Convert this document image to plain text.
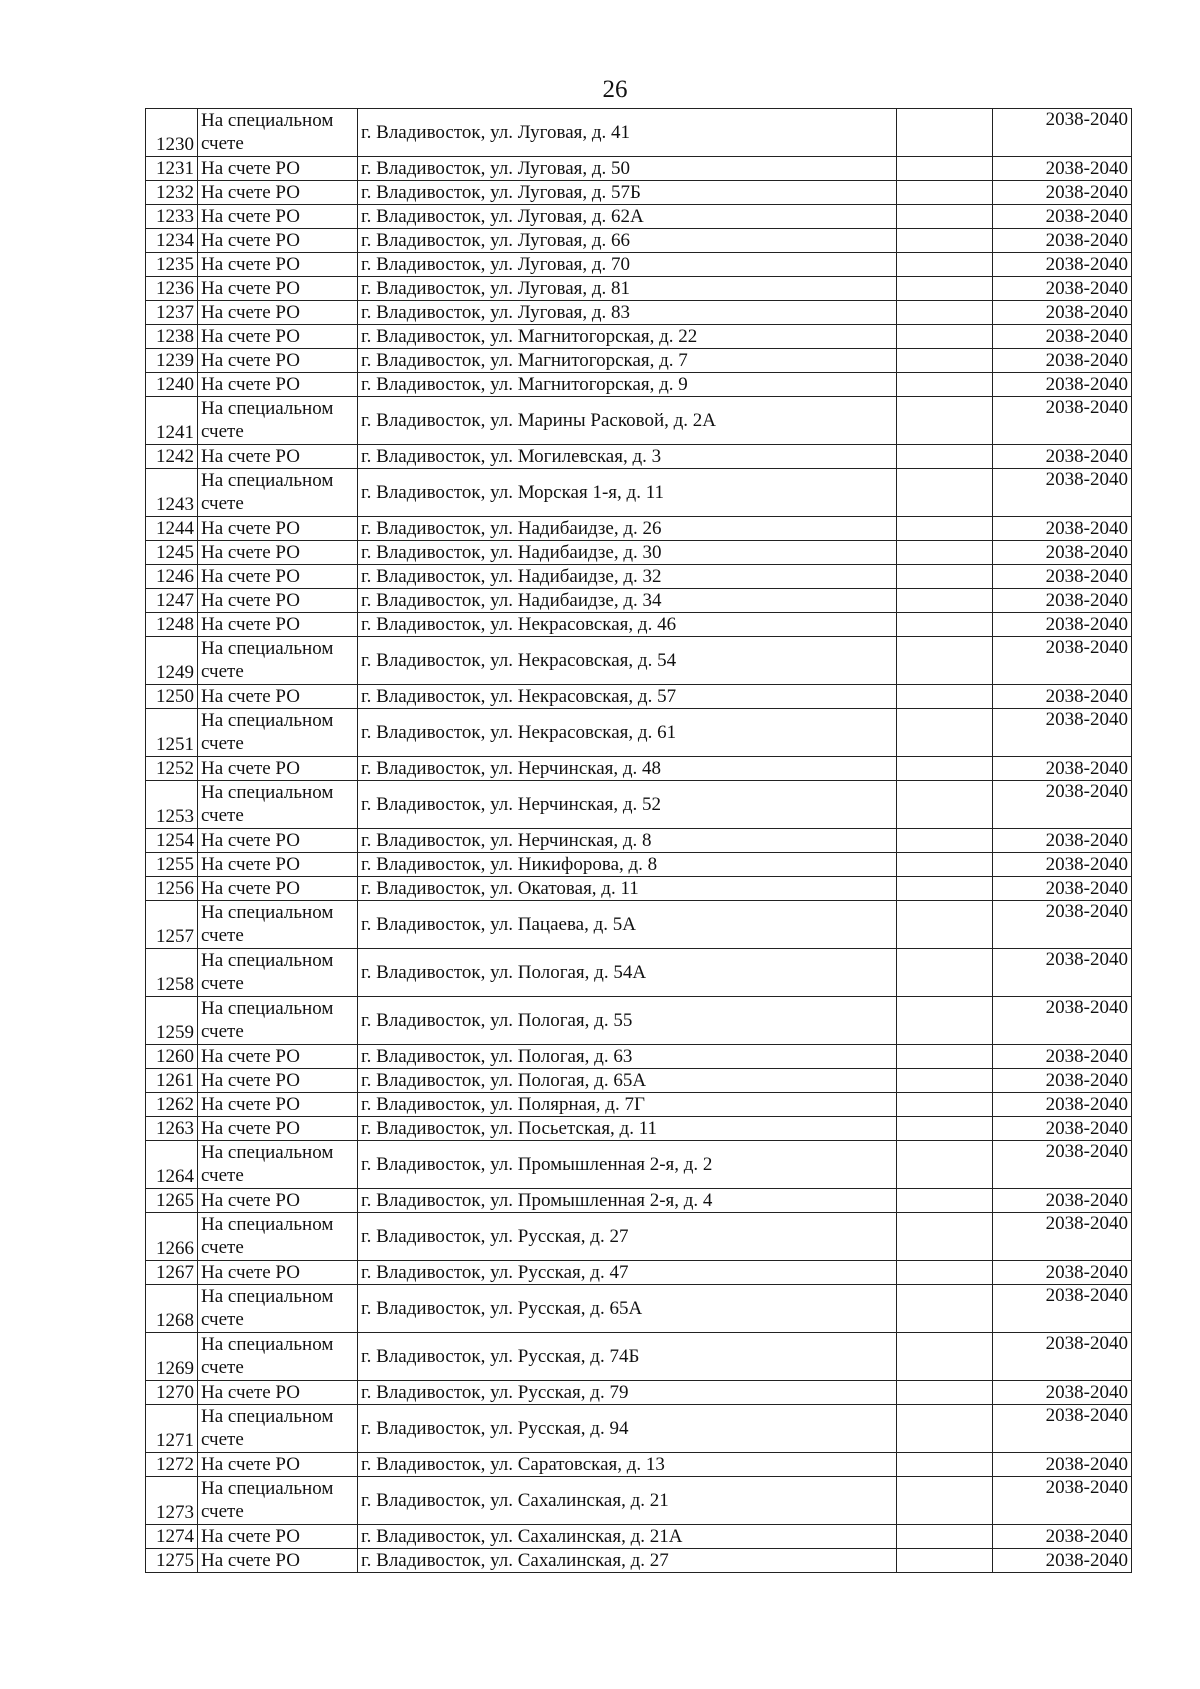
26
1230	На специальном счете	г. Владивосток, ул. Луговая, д. 41		2038-2040
1231	На счете РО	г. Владивосток, ул. Луговая, д. 50		2038-2040
1232	На счете РО	г. Владивосток, ул. Луговая, д. 57Б		2038-2040
1233	На счете РО	г. Владивосток, ул. Луговая, д. 62А		2038-2040
1234	На счете РО	г. Владивосток, ул. Луговая, д. 66		2038-2040
1235	На счете РО	г. Владивосток, ул. Луговая, д. 70		2038-2040
1236	На счете РО	г. Владивосток, ул. Луговая, д. 81		2038-2040
1237	На счете РО	г. Владивосток, ул. Луговая, д. 83		2038-2040
1238	На счете РО	г. Владивосток, ул. Магнитогорская, д. 22		2038-2040
1239	На счете РО	г. Владивосток, ул. Магнитогорская, д. 7		2038-2040
1240	На счете РО	г. Владивосток, ул. Магнитогорская, д. 9		2038-2040
1241	На специальном счете	г. Владивосток, ул. Марины Расковой, д. 2А		2038-2040
1242	На счете РО	г. Владивосток, ул. Могилевская, д. 3		2038-2040
1243	На специальном счете	г. Владивосток, ул. Морская 1-я, д. 11		2038-2040
1244	На счете РО	г. Владивосток, ул. Надибаидзе, д. 26		2038-2040
1245	На счете РО	г. Владивосток, ул. Надибаидзе, д. 30		2038-2040
1246	На счете РО	г. Владивосток, ул. Надибаидзе, д. 32		2038-2040
1247	На счете РО	г. Владивосток, ул. Надибаидзе, д. 34		2038-2040
1248	На счете РО	г. Владивосток, ул. Некрасовская, д. 46		2038-2040
1249	На специальном счете	г. Владивосток, ул. Некрасовская, д. 54		2038-2040
1250	На счете РО	г. Владивосток, ул. Некрасовская, д. 57		2038-2040
1251	На специальном счете	г. Владивосток, ул. Некрасовская, д. 61		2038-2040
1252	На счете РО	г. Владивосток, ул. Нерчинская, д. 48		2038-2040
1253	На специальном счете	г. Владивосток, ул. Нерчинская, д. 52		2038-2040
1254	На счете РО	г. Владивосток, ул. Нерчинская, д. 8		2038-2040
1255	На счете РО	г. Владивосток, ул. Никифорова, д. 8		2038-2040
1256	На счете РО	г. Владивосток, ул. Окатовая, д. 11		2038-2040
1257	На специальном счете	г. Владивосток, ул. Пацаева, д. 5А		2038-2040
1258	На специальном счете	г. Владивосток, ул. Пологая, д. 54А		2038-2040
1259	На специальном счете	г. Владивосток, ул. Пологая, д. 55		2038-2040
1260	На счете РО	г. Владивосток, ул. Пологая, д. 63		2038-2040
1261	На счете РО	г. Владивосток, ул. Пологая, д. 65А		2038-2040
1262	На счете РО	г. Владивосток, ул. Полярная, д. 7Г		2038-2040
1263	На счете РО	г. Владивосток, ул. Посьетская, д. 11		2038-2040
1264	На специальном счете	г. Владивосток, ул. Промышленная 2-я, д. 2		2038-2040
1265	На счете РО	г. Владивосток, ул. Промышленная 2-я, д. 4		2038-2040
1266	На специальном счете	г. Владивосток, ул. Русская, д. 27		2038-2040
1267	На счете РО	г. Владивосток, ул. Русская, д. 47		2038-2040
1268	На специальном счете	г. Владивосток, ул. Русская, д. 65А		2038-2040
1269	На специальном счете	г. Владивосток, ул. Русская, д. 74Б		2038-2040
1270	На счете РО	г. Владивосток, ул. Русская, д. 79		2038-2040
1271	На специальном счете	г. Владивосток, ул. Русская, д. 94		2038-2040
1272	На счете РО	г. Владивосток, ул. Саратовская, д. 13		2038-2040
1273	На специальном счете	г. Владивосток, ул. Сахалинская, д. 21		2038-2040
1274	На счете РО	г. Владивосток, ул. Сахалинская, д. 21А		2038-2040
1275	На счете РО	г. Владивосток, ул. Сахалинская, д. 27		2038-2040
